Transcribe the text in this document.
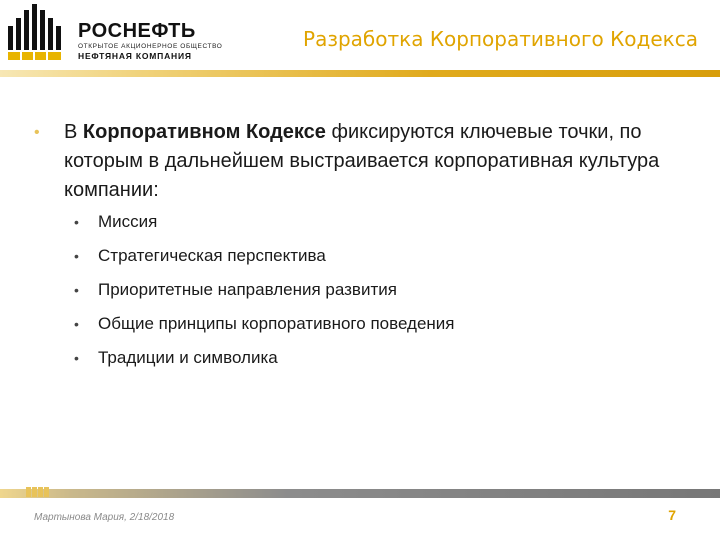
РОСНЕФТЬ
ОТКРЫТОЕ АКЦИОНЕРНОЕ ОБЩЕСТВО
НЕФТЯНАЯ КОМПАНИЯ
Разработка Корпоративного Кодекса
• В Корпоративном Кодексе фиксируются ключевые точки, по которым в дальнейшем выстраивается корпоративная культура компании:
• Миссия
• Стратегическая перспектива
• Приоритетные направления развития
• Общие принципы корпоративного поведения
• Традиции и символика
Мартынова Мария, 2/18/2018	7
